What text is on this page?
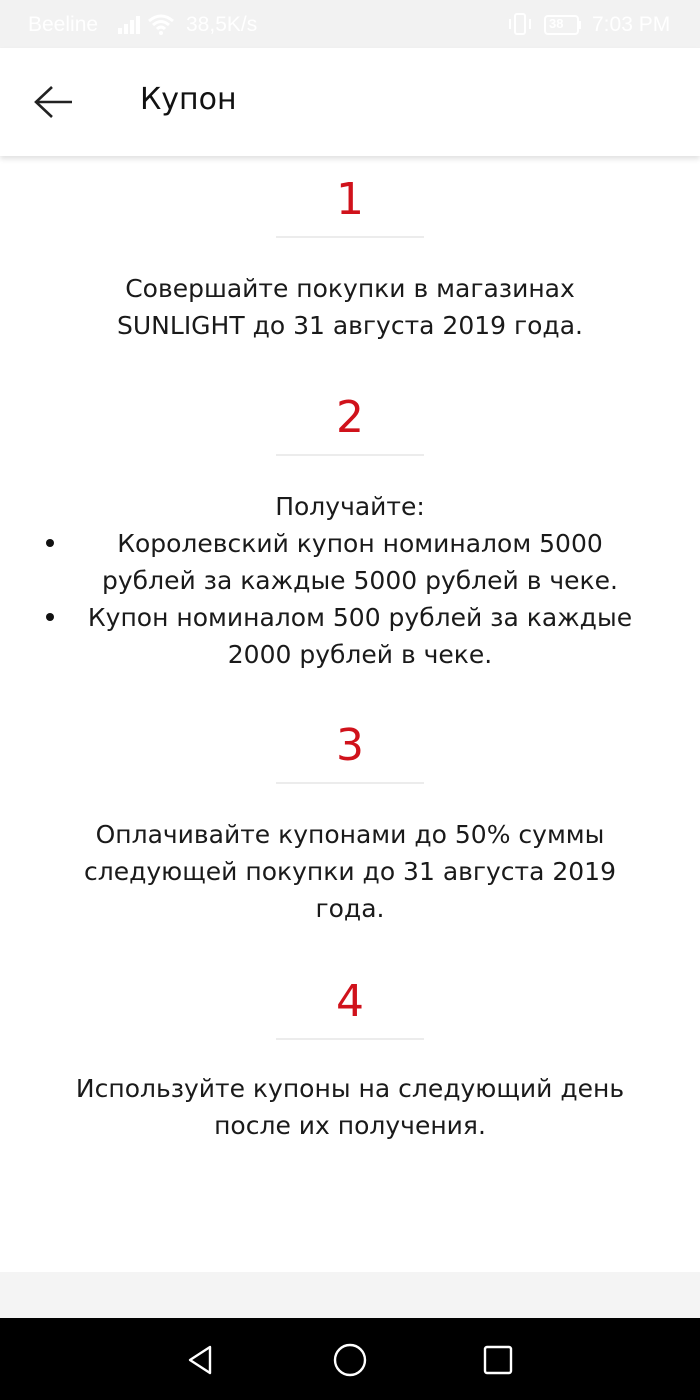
Beeline	38,5K/s	38 7:03 PM
Купон
1
Совершайте покупки в магазинах SUNLIGHT до 31 августа 2019 года.
2
Получайте:
Королевский купон номиналом 5000 рублей за каждые 5000 рублей в чеке.
Купон номиналом 500 рублей за каждые 2000 рублей в чеке.
3
Оплачивайте купонами до 50% суммы следующей покупки до 31 августа 2019 года.
4
Используйте купоны на следующий день после их получения.
